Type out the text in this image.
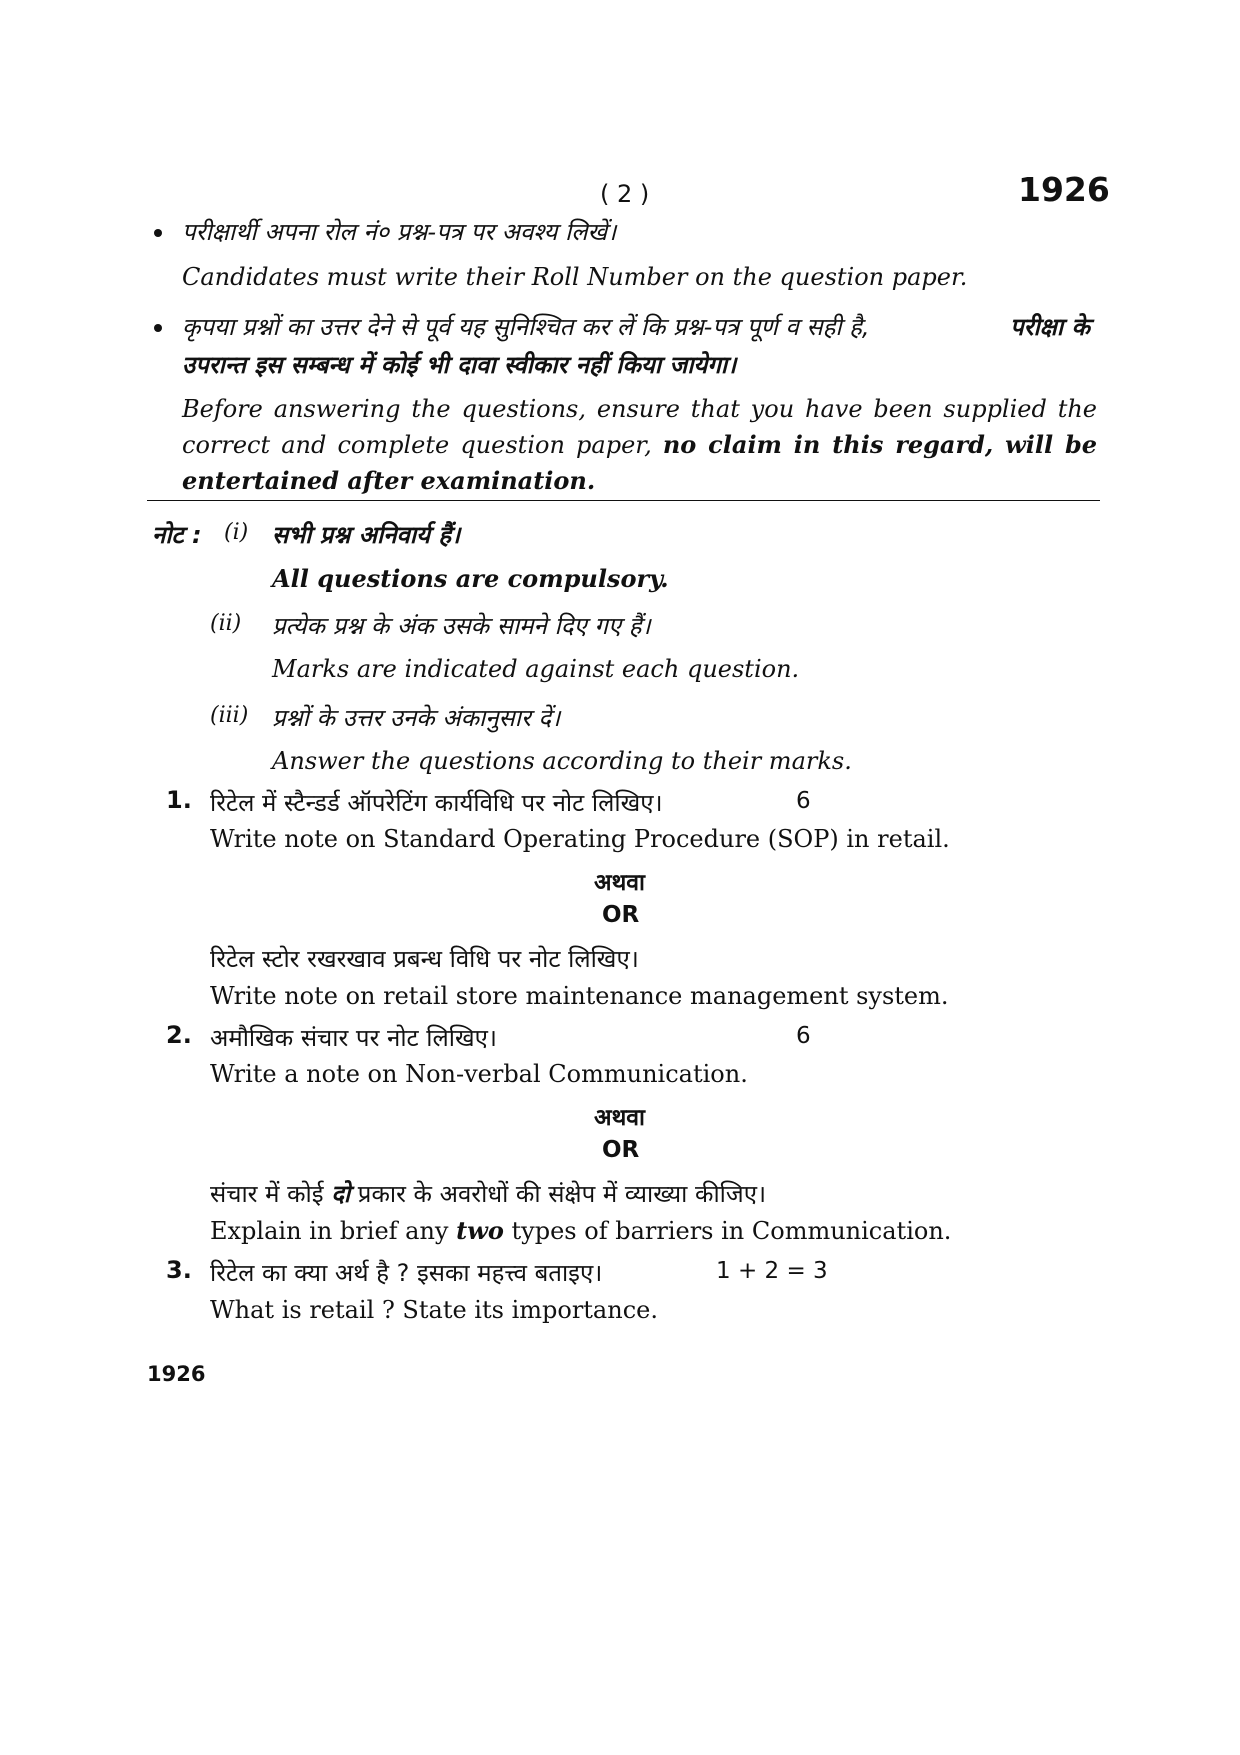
( 2 )	1926
परीक्षार्थी अपना रोल नं० प्रश्न-पत्र पर अवश्य लिखें।
Candidates must write their Roll Number on the question paper.
कृपया प्रश्नों का उत्तर देने से पूर्व यह सुनिश्चित कर लें कि प्रश्न-पत्र पूर्ण व सही है,	परीक्षा के
उपरान्त इस सम्बन्ध में कोई भी दावा स्वीकार नहीं किया जायेगा।
Before answering the questions, ensure that you have been supplied the
correct and complete question paper, no claim in this regard, will be
entertained after examination.
नोट : (i) सभी प्रश्न अनिवार्य हैं।
All questions are compulsory.
(ii) प्रत्येक प्रश्न के अंक उसके सामने दिए गए हैं।
Marks are indicated against each question.
(iii) प्रश्नों के उत्तर उनके अंकानुसार दें।
Answer the questions according to their marks.
1. रिटेल में स्टैन्डर्ड ऑपरेटिंग कार्यविधि पर नोट लिखिए।	6
Write note on Standard Operating Procedure (SOP) in retail.
अथवा
OR
रिटेल स्टोर रखरखाव प्रबन्ध विधि पर नोट लिखिए।
Write note on retail store maintenance management system.
2. अमौखिक संचार पर नोट लिखिए।	6
Write a note on Non-verbal Communication.
अथवा
OR
संचार में कोई दो प्रकार के अवरोधों की संक्षेप में व्याख्या कीजिए।
Explain in brief any two types of barriers in Communication.
3. रिटेल का क्या अर्थ है ? इसका महत्त्व बताइए।	1 + 2 = 3
What is retail ? State its importance.
1926
